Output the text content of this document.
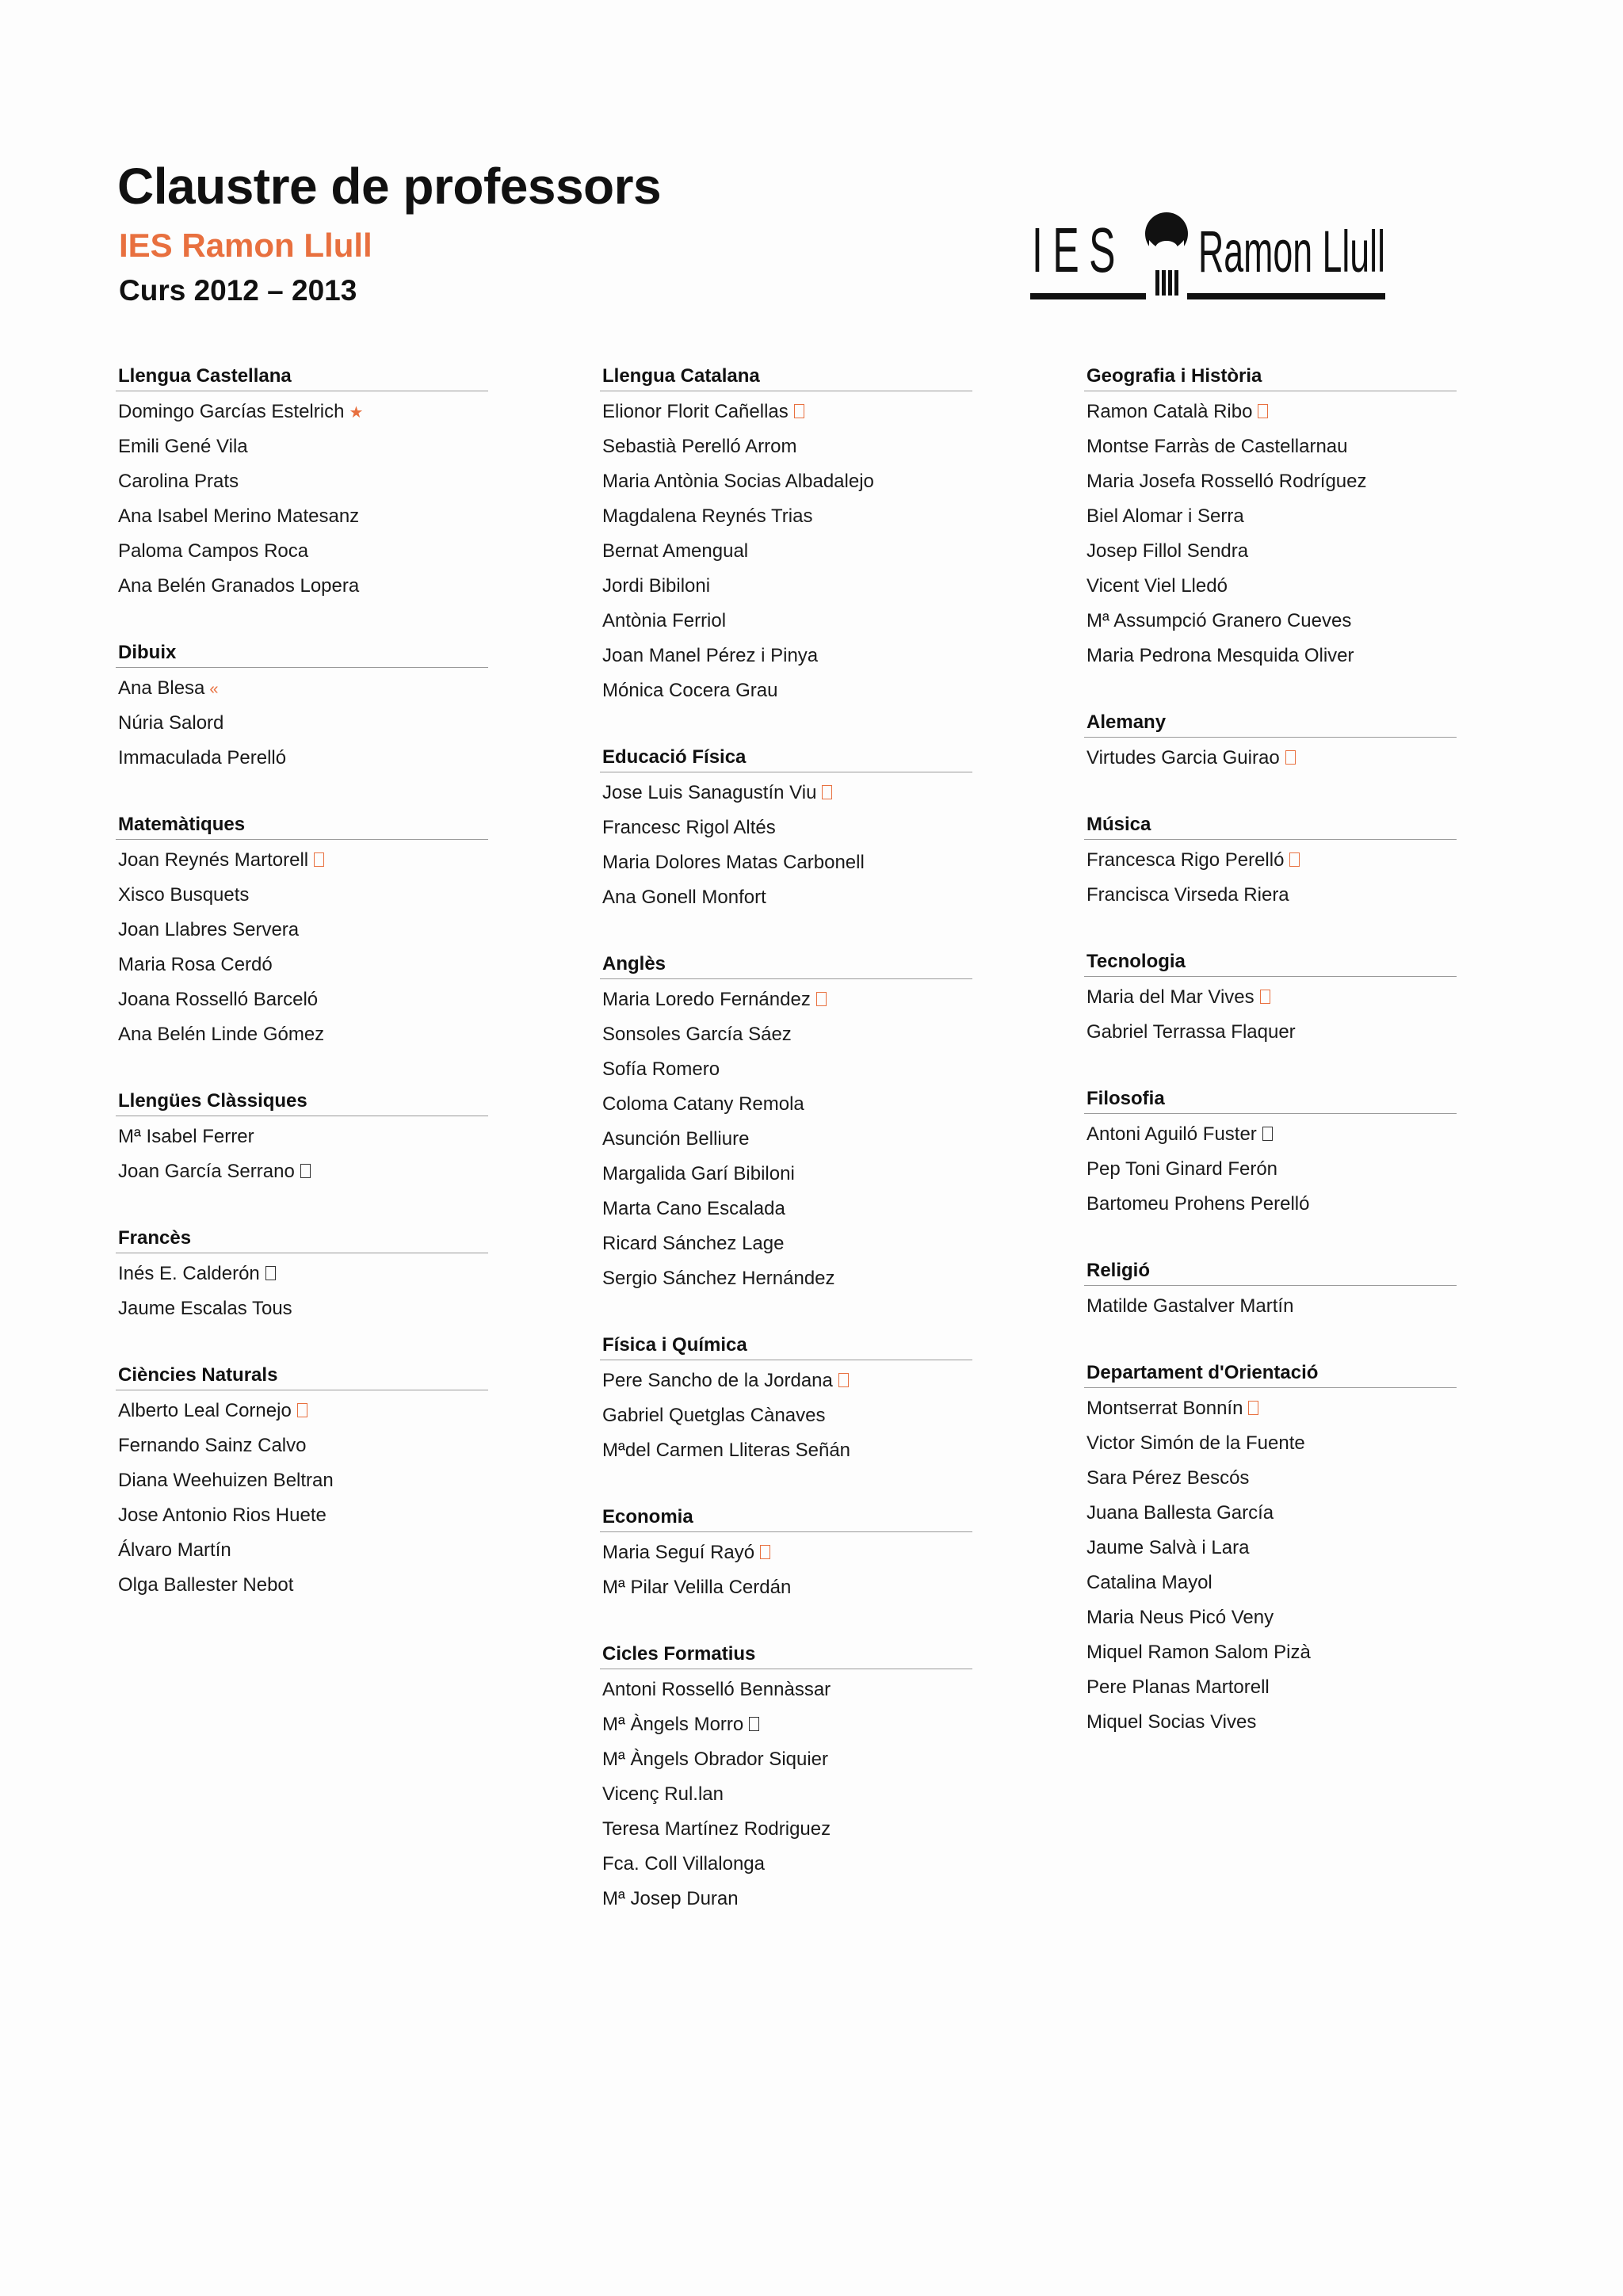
Claustre de professors
IES Ramon Llull
Curs 2012 – 2013
IES Ramon Llull
Llengua Castellana
Domingo Garcías Estelrich ★
Emili Gené Vila
Carolina Prats
Ana Isabel Merino Matesanz
Paloma Campos Roca
Ana Belén Granados Lopera
Dibuix
Ana Blesa «
Núria Salord
Immaculada Perelló
Matemàtiques
Joan Reynés Martorell
Xisco Busquets
Joan Llabres Servera
Maria Rosa Cerdó
Joana Rosselló Barceló
Ana Belén Linde Gómez
Llengües Clàssiques
Mª Isabel Ferrer
Joan García Serrano
Francès
Inés E. Calderón
Jaume Escalas Tous
Ciències Naturals
Alberto Leal Cornejo
Fernando Sainz Calvo
Diana Weehuizen Beltran
Jose Antonio Rios Huete
Álvaro Martín
Olga Ballester Nebot
Llengua Catalana
Elionor Florit Cañellas
Sebastià Perelló Arrom
Maria Antònia Socias Albadalejo
Magdalena Reynés Trias
Bernat Amengual
Jordi Bibiloni
Antònia Ferriol
Joan Manel Pérez i Pinya
Mónica Cocera Grau
Educació Física
Jose Luis Sanagustín Viu
Francesc Rigol Altés
Maria Dolores Matas Carbonell
Ana Gonell Monfort
Anglès
Maria Loredo Fernández
Sonsoles García Sáez
Sofía Romero
Coloma Catany Remola
Asunción Belliure
Margalida Garí Bibiloni
Marta Cano Escalada
Ricard Sánchez Lage
Sergio Sánchez Hernández
Física i Química
Pere Sancho de la Jordana
Gabriel Quetglas Cànaves
Mªdel Carmen Lliteras Señán
Economia
Maria Seguí Rayó
Mª Pilar Velilla Cerdán
Cicles Formatius
Antoni Rosselló Bennàssar
Mª Àngels Morro
Mª Àngels Obrador Siquier
Vicenç Rul.lan
Teresa Martínez Rodriguez
Fca. Coll Villalonga
Mª Josep Duran
Geografia i Història
Ramon Català Ribo
Montse Farràs de Castellarnau
Maria Josefa Rosselló Rodríguez
Biel Alomar i Serra
Josep Fillol Sendra
Vicent Viel Lledó
Mª Assumpció Granero Cueves
Maria Pedrona Mesquida Oliver
Alemany
Virtudes Garcia Guirao
Música
Francesca Rigo Perelló
Francisca Virseda Riera
Tecnologia
Maria del Mar Vives
Gabriel Terrassa Flaquer
Filosofia
Antoni Aguiló Fuster
Pep Toni Ginard Ferón
Bartomeu Prohens Perelló
Religió
Matilde Gastalver Martín
Departament d'Orientació
Montserrat Bonnín
Victor Simón de la Fuente
Sara Pérez Bescós
Juana Ballesta García
Jaume Salvà i Lara
Catalina Mayol
Maria Neus Picó Veny
Miquel Ramon Salom Pizà
Pere Planas Martorell
Miquel Socias Vives
